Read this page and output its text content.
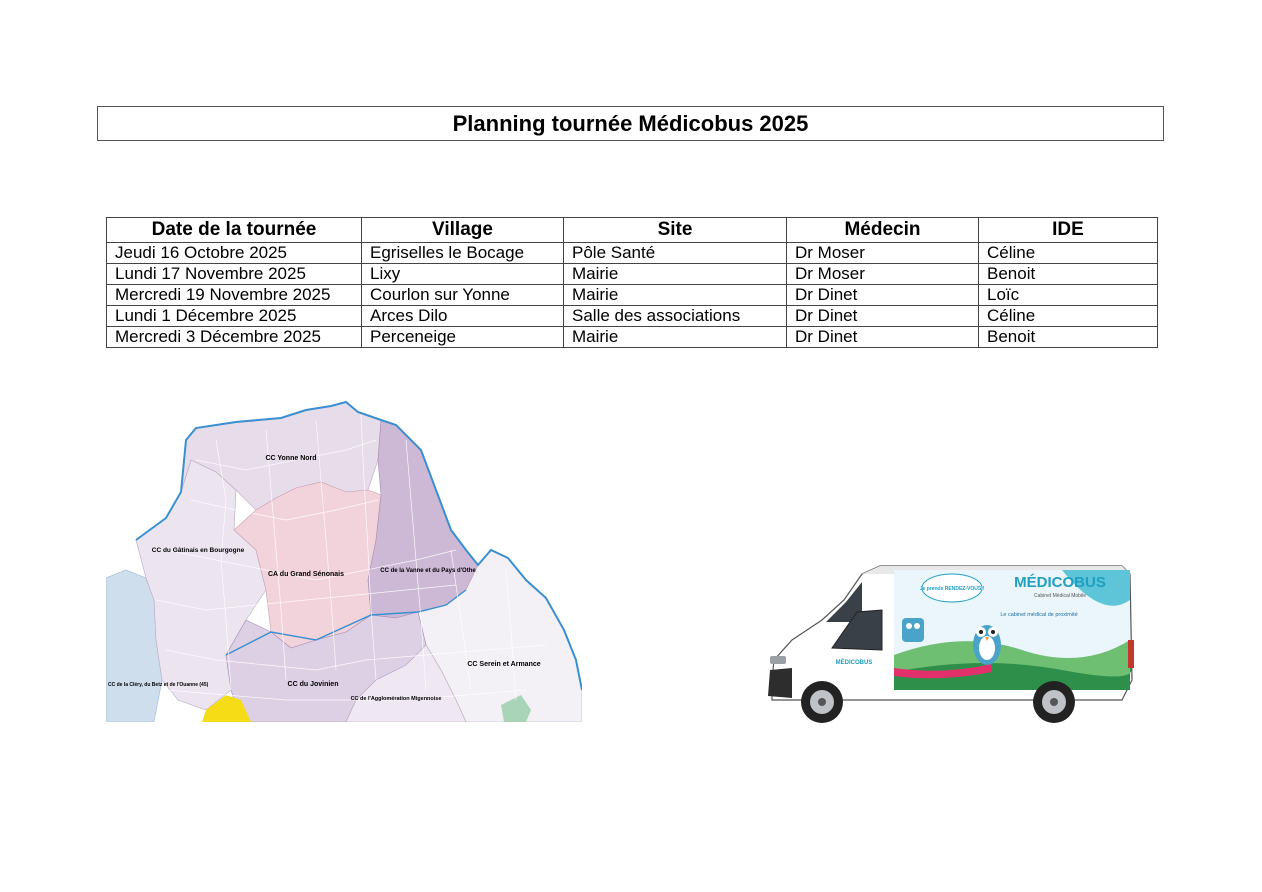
Planning tournée Médicobus 2025
Date de la tournée	Village	Site	Médecin	IDE
Jeudi 16 Octobre 2025	Egriselles le Bocage	Pôle Santé	Dr Moser	Céline
Lundi 17 Novembre 2025	Lixy	Mairie	Dr Moser	Benoit
Mercredi 19 Novembre 2025	Courlon sur Yonne	Mairie	Dr Dinet	Loïc
Lundi 1 Décembre 2025	Arces Dilo	Salle des associations	Dr Dinet	Céline
Mercredi 3 Décembre 2025	Perceneige	Mairie	Dr Dinet	Benoit
CC Yonne Nord
CC du Gâtinais en Bourgogne
CA du Grand Sénonais	CC de la Vanne et du Pays d'Othe
CC Serein et Armance
CC du Jovinien
CC de l'Agglomération Migennoise
CC de la Cléry, du Betz et de l'Ouanne (45)
MÉDICOBUS
Cabinet Médical Mobile
Je prends RENDEZ-VOUS !
Le cabinet médical de proximité
MÉDICOBUS
